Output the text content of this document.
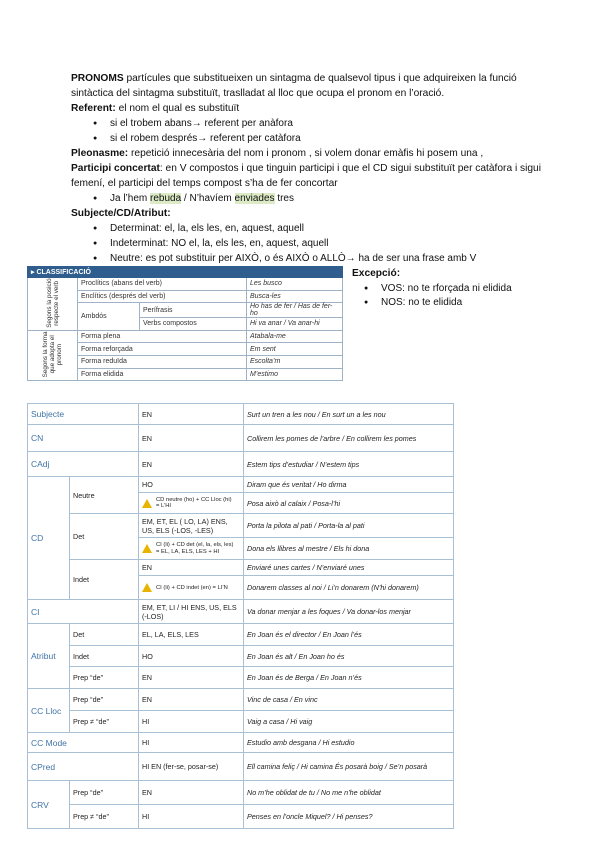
PRONOMS partícules que substitueixen un sintagma de qualsevol tipus i que adquireixen la funció sintàctica del sintagma substituït, traslladat al lloc que ocupa el pronom en l’oració.
Referent: el nom el qual es substituït
● si el trobem abans→ referent per anàfora
● si el robem després→ referent per catàfora
Pleonasme: repetició innecesària del nom i pronom , si volem donar emàfis hi posem una ,
Participi concertat: en V compostos i que tinguin participi i que el CD sigui substituït per catàfora i sigui femení, el participi del temps compost s’ha de fer concortar
● Ja l’hem rebuda / N’havíem enviades tres
Subjecte/CD/Atribut:
● Determinat: el, la, els les, en, aquest, aquell
● Indeterminat: NO el, la, els les, en, aquest, aquell
● Neutre: es pot substituir per AIXÒ, o és AIXÒ o ALLÒ→ ha de ser una frase amb V
Excepció:
● VOS: no te rforçada ni elidida
● NOS: no te elidida
▸ CLASSIFICACIÓ			
Segons la posició respecte el verb	Proclítics (abans del verb)		Les busco
	Enclítics (després del verb)		Busca-les
	Ambdós	Perífrasis	Ho has de fer / Has de fer-ho
		Verbs compostos	Hi va anar / Va anar-hi
Segons la forma que adopta el pronom	Forma plena		Atabala-me
	Forma reforçada		Em sent
	Forma reduïda		Escolta’m
	Forma elidida		M’estimo
Subjecte		EN	Surt un tren a les nou / En surt un a les nou
CN		EN	Collirem les pomes de l’arbre / En collirem les pomes
CAdj		EN	Estem tips d’estudiar / N’estem tips
CD	Neutre	HO	Diram que és veritat / Ho dirma
		CD neutre (ho) + CC Lloc (hi) = L’HI	Posa això al calaix / Posa-l’hi
	Det	EM, ET, EL ( LO, LA) ENS, US, ELS (-LOS, -LES)	Porta la pilota al pati / Porta-la al pati
		CI (li) + CD det (el, la, els, les) = EL, LA, ELS, LES + HI	Dona els llibres al mestre / Els hi dona
	Indet	EN	Enviaré unes cartes / N’enviaré unes
		CI (li) + CD indet (en) = LI’N	Donarem classes al noi / Li’n donarem (N’hi donarem)
CI		EM, ET, LI / HI ENS, US, ELS (-LOS)	Va donar menjar a les foques / Va donar-los menjar
Atribut	Det	EL, LA, ELS, LES	En Joan és el director / En Joan l’és
	Indet	HO	En Joan és alt / En Joan ho és
	Prep “de”	EN	En Joan és de Berga / En Joan n’és
CC Lloc	Prep “de”	EN	Vinc de casa / En vinc
	Prep ≠ “de”	HI	Vaig a casa / Hi vaig
CC Mode		HI	Estudio amb desgana / Hi estudio
CPred		HI EN (fer-se, posar-se)	Ell camina feliç / Hi camina És posarà boig / Se’n posarà
CRV	Prep “de”	EN	No m’he oblidat de tu / No me n’he oblidat
	Prep ≠ “de”	HI	Penses en l’oncle Miquel? / Hi penses?
